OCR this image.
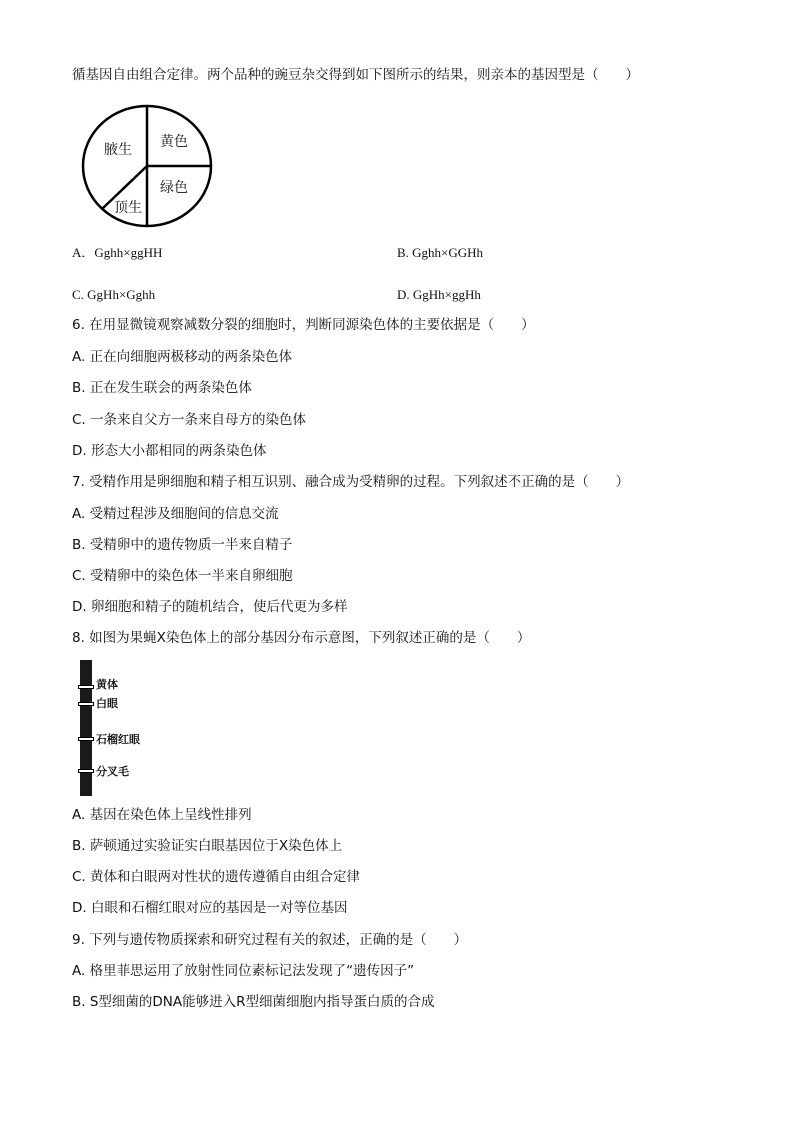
循基因自由组合定律。两个品种的豌豆杂交得到如下图所示的结果，则亲本的基因型是（　　）
腋生 黄色
绿色
顶生
A．Gghh×ggHH	B. Gghh×GGHh
C. GgHh×Gghh	D. GgHh×ggHh
6. 在用显微镜观察减数分裂的细胞时，判断同源染色体的主要依据是（　　）
A. 正在向细胞两极移动的两条染色体
B. 正在发生联会的两条染色体
C. 一条来自父方一条来自母方的染色体
D. 形态大小都相同的两条染色体
7. 受精作用是卵细胞和精子相互识别、融合成为受精卵的过程。下列叙述不正确的是（　　）
A. 受精过程涉及细胞间的信息交流
B. 受精卵中的遗传物质一半来自精子
C. 受精卵中的染色体一半来自卵细胞
D. 卵细胞和精子的随机结合，使后代更为多样
8. 如图为果蝇X染色体上的部分基因分布示意图，下列叙述正确的是（　　）
黄体
白眼
石榴红眼
分叉毛
A. 基因在染色体上呈线性排列
B. 萨顿通过实验证实白眼基因位于X染色体上
C. 黄体和白眼两对性状的遗传遵循自由组合定律
D. 白眼和石榴红眼对应的基因是一对等位基因
9. 下列与遗传物质探索和研究过程有关的叙述，正确的是（　　）
A. 格里菲思运用了放射性同位素标记法发现了“遗传因子”
B. S型细菌的DNA能够进入R型细菌细胞内指导蛋白质的合成
